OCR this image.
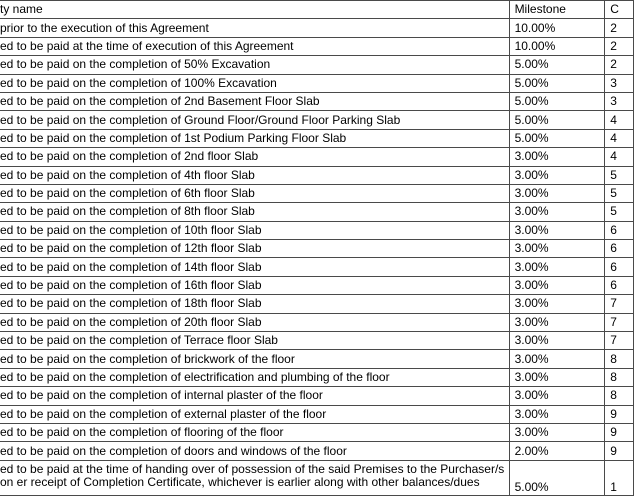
ty name	Milestone	C
prior to the execution of this Agreement	10.00%	2
ed to be paid at the time of execution of this Agreement	10.00%	2
ed to be paid on the completion of 50% Excavation	5.00%	2
ed to be paid on the completion of 100% Excavation	5.00%	3
ed to be paid on the completion of 2nd Basement Floor Slab	5.00%	3
ed to be paid on the completion of Ground Floor/Ground Floor Parking Slab	5.00%	4
ed to be paid on the completion of 1st Podium Parking Floor Slab	5.00%	4
ed to be paid on the completion of 2nd floor Slab	3.00%	4
ed to be paid on the completion of 4th floor Slab	3.00%	5
ed to be paid on the completion of 6th floor Slab	3.00%	5
ed to be paid on the completion of 8th floor Slab	3.00%	5
ed to be paid on the completion of 10th floor Slab	3.00%	6
ed to be paid on the completion of 12th floor Slab	3.00%	6
ed to be paid on the completion of 14th floor Slab	3.00%	6
ed to be paid on the completion of 16th floor Slab	3.00%	6
ed to be paid on the completion of 18th floor Slab	3.00%	7
ed to be paid on the completion of 20th floor Slab	3.00%	7
ed to be paid on the completion of Terrace floor Slab	3.00%	7
ed to be paid on the completion of brickwork of the floor	3.00%	8
ed to be paid on the completion of electrification and plumbing of the floor	3.00%	8
ed to be paid on the completion of internal plaster of the floor	3.00%	8
ed to be paid on the completion of external plaster of the floor	3.00%	9
ed to be paid on the completion of flooring of the floor	3.00%	9
ed to be paid on the completion of doors and windows of the floor	2.00%	9
ed to be paid at the time of handing over of possession of the said Premises to the Purchaser/s on er receipt of Completion Certificate, whichever is earlier along with other balances/dues	5.00%	1
